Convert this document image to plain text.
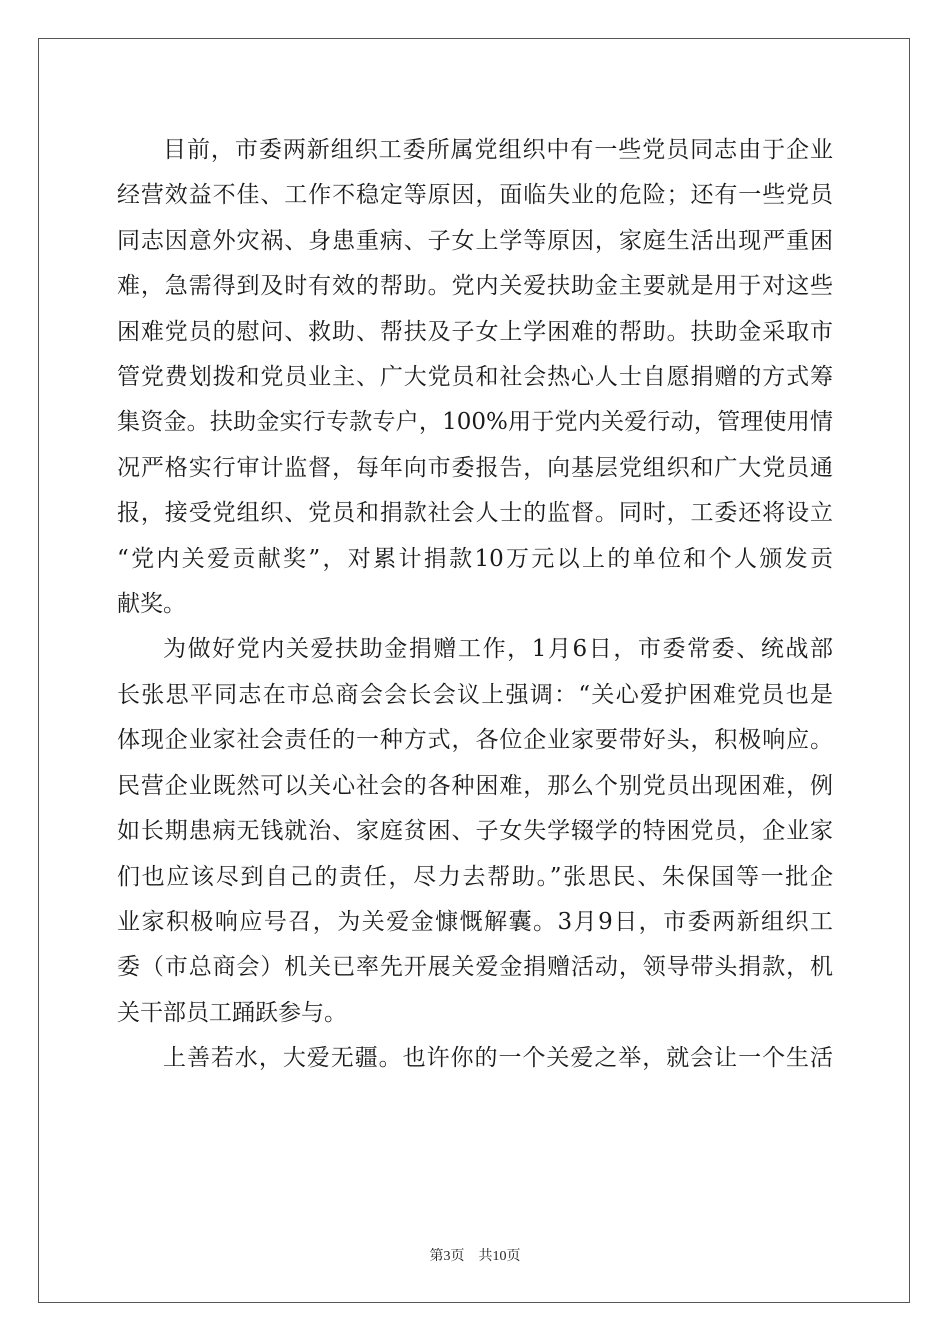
目前，市委两新组织工委所属党组织中有一些党员同志由于企业
经营效益不佳、工作不稳定等原因，面临失业的危险；还有一些党员
同志因意外灾祸、身患重病、子女上学等原因，家庭生活出现严重困
难，急需得到及时有效的帮助。党内关爱扶助金主要就是用于对这些
困难党员的慰问、救助、帮扶及子女上学困难的帮助。扶助金采取市
管党费划拨和党员业主、广大党员和社会热心人士自愿捐赠的方式筹
集资金。扶助金实行专款专户，100%用于党内关爱行动，管理使用情
况严格实行审计监督，每年向市委报告，向基层党组织和广大党员通
报，接受党组织、党员和捐款社会人士的监督。同时，工委还将设立
“党内关爱贡献奖”，对累计捐款10万元以上的单位和个人颁发贡
献奖。

为做好党内关爱扶助金捐赠工作，1月6日，市委常委、统战部
长张思平同志在市总商会会长会议上强调：“关心爱护困难党员也是
体现企业家社会责任的一种方式，各位企业家要带好头，积极响应。
民营企业既然可以关心社会的各种困难，那么个别党员出现困难，例
如长期患病无钱就治、家庭贫困、子女失学辍学的特困党员，企业家
们也应该尽到自己的责任，尽力去帮助。”张思民、朱保国等一批企
业家积极响应号召，为关爱金慷慨解囊。3月9日，市委两新组织工
委（市总商会）机关已率先开展关爱金捐赠活动，领导带头捐款，机
关干部员工踊跃参与。

上善若水，大爱无疆。也许你的一个关爱之举，就会让一个生活

第3页 共10页
